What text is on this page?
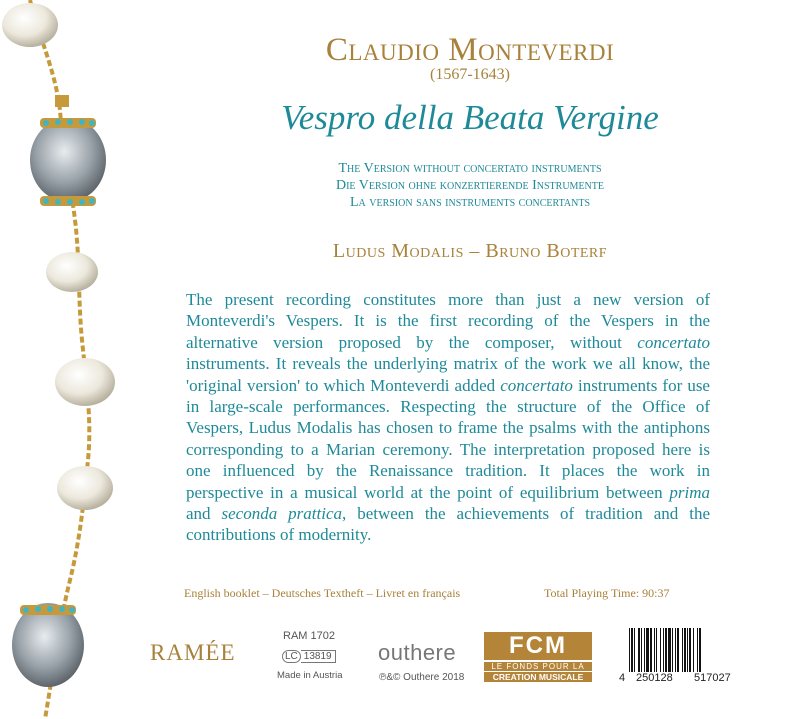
Claudio Monteverdi
(1567-1643)
Vespro della Beata Vergine
The Version without concertato instruments
Die Version ohne konzertierende Instrumente
La version sans instruments concertants
Ludus Modalis – Bruno Boterf
The present recording constitutes more than just a new version of Monteverdi's Vespers. It is the first recording of the Vespers in the alternative version proposed by the composer, without concertato instruments. It reveals the underlying matrix of the work we all know, the 'original version' to which Monteverdi added concertato instruments for use in large-scale performances. Respecting the structure of the Office of Vespers, Ludus Modalis has chosen to frame the psalms with the antiphons corresponding to a Marian ceremony. The interpretation proposed here is one influenced by the Renaissance tradition. It places the work in perspective in a musical world at the point of equilibrium between prima and seconda prattica, between the achievements of tradition and the contributions of modernity.
English booklet – Deutsches Textheft – Livret en français	Total Playing Time: 90:37
RAMÉE
RAM 1702
LC 13819
Made in Austria
outhere
℗&© Outhere 2018
FCM
LE FONDS POUR LA
CREATION MUSICALE	4 250128 517027
